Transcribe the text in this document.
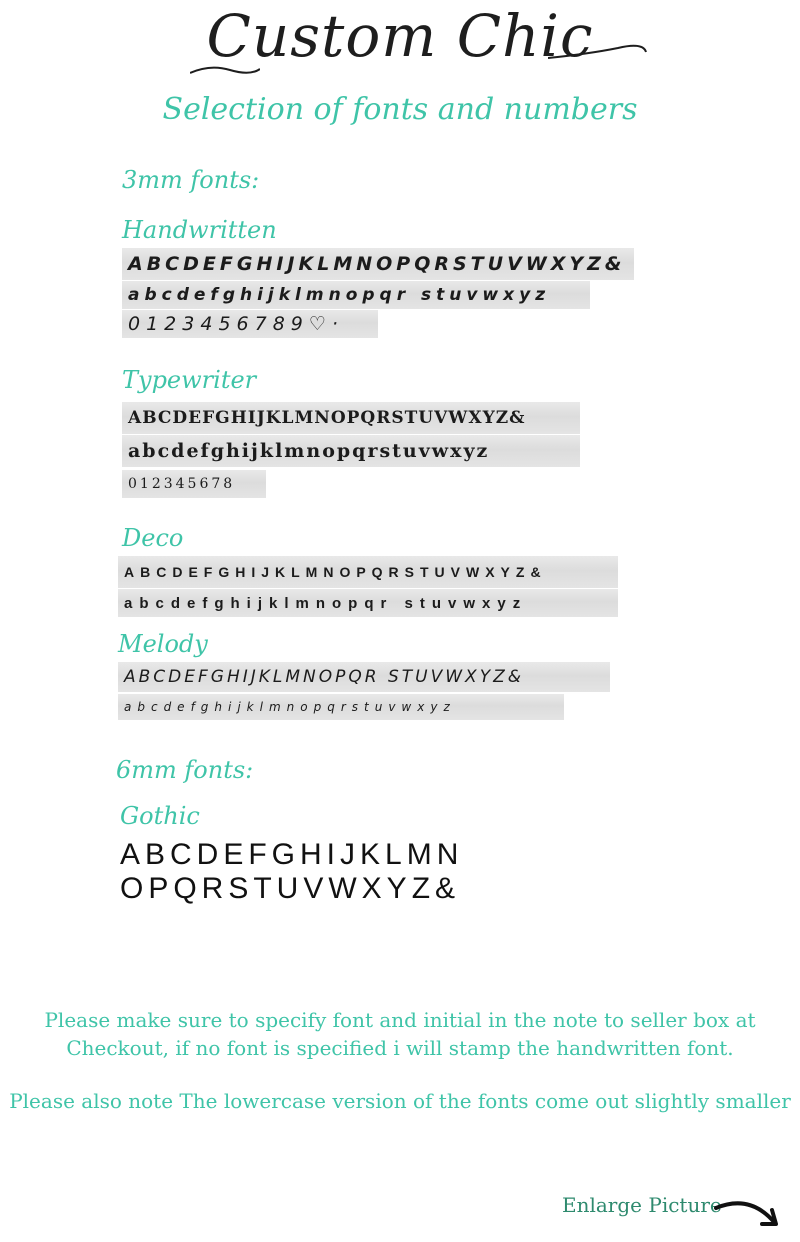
Custom Chic
Selection of fonts and numbers
3mm fonts:
Handwritten
ABCDEFGHIJKLMNOPQRSTUVWXYZ&
abcdefghijklmnopqr stuvwxyz
0123456789♡·
Typewriter
ABCDEFGHIJKLMNOPQRSTUVWXYZ&
abcdefghijklmnopqrstuvwxyz
012345678
Deco
ABCDEFGHIJKLMNOPQRSTUVWXYZ&
abcdefghijklmnopqr stuvwxyz
Melody
ABCDEFGHIJKLMNOPQR STUVWXYZ&
abcdefghijklmnopqrstuvwxyz
6mm fonts:
Gothic
ABCDEFGHIJKLMN
OPQRSTUVWXYZ&
Please make sure to specify font and initial in the note to seller box at
Checkout, if no font is specified i will stamp the handwritten font.
Please also note The lowercase version of the fonts come out slightly smaller
Enlarge Picture
